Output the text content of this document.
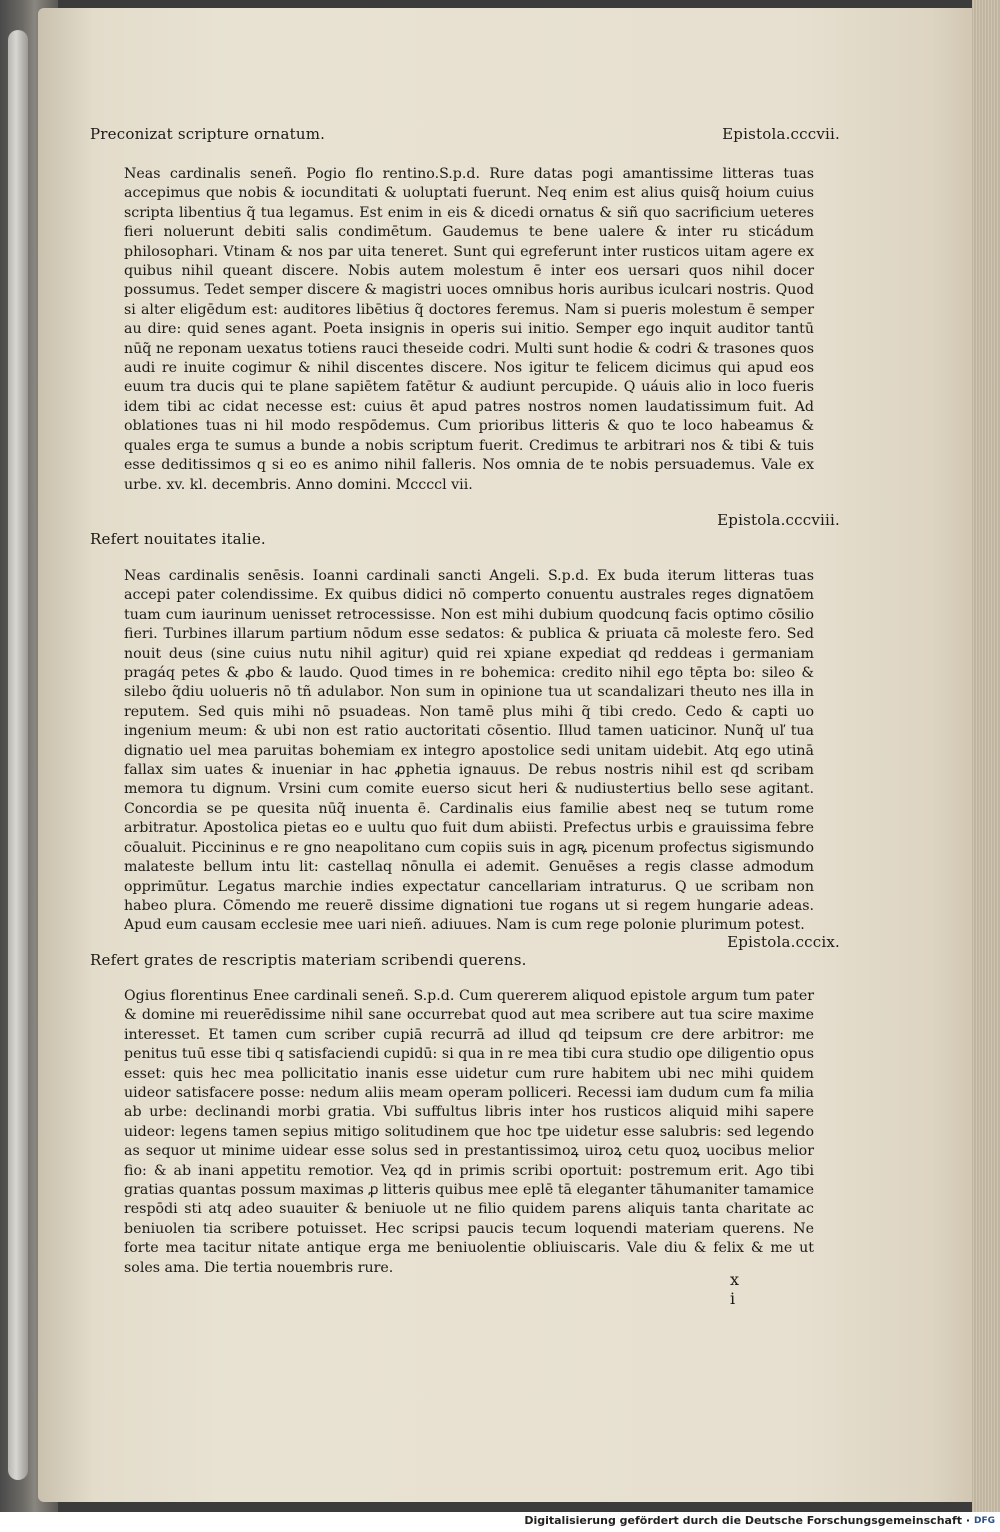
Preconizat scripture ornatum.	Epistola.cccvii.

Neas cardinalis seneñ. Pogio flo rentino.S.p.d. Rure datas pogi amantissime litteras tuas accepimus que nobis & iocunditati & uoluptati fuerunt. Neq enim est alius quisq̃ hoium cuius scripta libentius q̃ tua legamus. Est enim in eis & dicedi ornatus & siñ quo sacrificium ueteres fieri noluerunt debiti salis condimētum. Gaudemus te bene ualere & inter ru sticádum philosophari. Vtinam & nos par uita teneret. Sunt qui egreferunt inter rusticos uitam agere ex quibus nihil queant discere. Nobis autem molestum ē inter eos uersari quos nihil docer possumus. Tedet semper discere & magistri uoces omnibus horis auribus iculcari nostris. Quod si alter eligēdum est: auditores libētius q̃ doctores feremus. Nam si pueris molestum ē semper au dire: quid senes agant. Poeta insignis in operis sui initio. Semper ego inquit auditor tantū nūq̃ ne reponam uexatus totiens rauci theseide codri. Multi sunt hodie & codri & trasones quos audi re inuite cogimur & nihil discentes discere. Nos igitur te felicem dicimus qui apud eos euum tra ducis qui te plane sapiētem fatētur & audiunt percupide. Q uáuis alio in loco fueris idem tibi ac cidat necesse est: cuius ēt apud patres nostros nomen laudatissimum fuit. Ad oblationes tuas ni hil modo respōdemus. Cum prioribus litteris & quo te loco habeamus & quales erga te sumus a bunde a nobis scriptum fuerit. Credimus te arbitrari nos & tibi & tuis esse deditissimos q si eo es animo nihil falleris. Nos omnia de te nobis persuademus. Vale ex urbe. xv. kl. decembris. Anno domini. Mccccl vii.

Epistola.cccviii.
Refert nouitates italie.

Neas cardinalis senēsis. Ioanni cardinali sancti Angeli. S.p.d. Ex buda iterum litteras tuas accepi pater colendissime. Ex quibus didici nō comperto conuentu australes reges dignatōem tuam cum iaurinum uenisset retrocessisse. Non est mihi dubium quodcunq facis optimo cōsilio fieri. Turbines illarum partium nōdum esse sedatos: & publica & priuata cā moleste fero. Sed nouit deus (sine cuius nutu nihil agitur) quid rei xpiane expediat qd reddeas i germaniam pragáq petes & ꝓbo & laudo. Quod times in re bohemica: credito nihil ego tēpta bo: sileo & silebo q̃diu uolueris nō tñ adulabor. Non sum in opinione tua ut scandalizari theuto nes illa in reputem. Sed quis mihi nō psuadeas. Non tamē plus mihi q̃ tibi credo. Cedo & capti uo ingenium meum: & ubi non est ratio auctoritati cōsentio. Illud tamen uaticinor. Nunq̃ uľ tua dignatio uel mea paruitas bohemiam ex integro apostolice sedi unitam uidebit. Atq ego utinā fallax sim uates & inueniar in hac ꝓphetia ignauus. De rebus nostris nihil est qd scribam memora tu dignum. Vrsini cum comite euerso sicut heri & nudiustertius bello sese agitant. Concordia se pe quesita nūq̃ inuenta ē. Cardinalis eius familie abest neq se tutum rome arbitratur. Apostolica pietas eo e uultu quo fuit dum abiisti. Prefectus urbis e grauissima febre cōualuit. Piccininus e re gno neapolitano cum copiis suis in agꝶ picenum profectus sigismundo malateste bellum intu lit: castellaq nōnulla ei ademit. Genuēses a regis classe admodum opprimūtur. Legatus marchie indies expectatur cancellariam intraturus. Q ue scribam non habeo plura. Cōmendo me reuerē dissime dignationi tue rogans ut si regem hungarie adeas. Apud eum causam ecclesie mee uari nieñ. adiuues. Nam is cum rege polonie plurimum potest.

Epistola.cccix.
Refert grates de rescriptis materiam scribendi querens.

Ogius florentinus Enee cardinali seneñ. S.p.d. Cum quererem aliquod epistole argum tum pater & domine mi reuerēdissime nihil sane occurrebat quod aut mea scribere aut tua scire maxime interesset. Et tamen cum scriber cupiā recurrā ad illud qd teipsum cre dere arbitror: me penitus tuū esse tibi q satisfaciendi cupidū: si qua in re mea tibi cura studio ope diligentio opus esset: quis hec mea pollicitatio inanis esse uidetur cum rure habitem ubi nec mihi quidem uideor satisfacere posse: nedum aliis meam operam polliceri. Recessi iam dudum cum fa milia ab urbe: declinandi morbi gratia. Vbi suffultus libris inter hos rusticos aliquid mihi sapere uideor: legens tamen sepius mitigo solitudinem que hoc tpe uidetur esse salubris: sed legendo as sequor ut minime uidear esse solus sed in prestantissimoꝝ uiroꝝ cetu quoꝝ uocibus melior fio: & ab inani appetitu remotior. Veꝝ qd in primis scribi oportuit: postremum erit. Ago tibi gratias quantas possum maximas ꝓ litteris quibus mee eplē tā eleganter tāhumaniter tamamice respōdi sti atq adeo suauiter & beniuole ut ne filio quidem parens aliquis tanta charitate ac beniuolen tia scribere potuisset. Hec scripsi paucis tecum loquendi materiam querens. Ne forte mea tacitur nitate antique erga me beniuolentie obliuiscaris. Vale diu & felix & me ut soles ama. Die tertia nouembris rure.

x i
Digitalisierung gefördert durch die Deutsche Forschungsgemeinschaft · DFG
